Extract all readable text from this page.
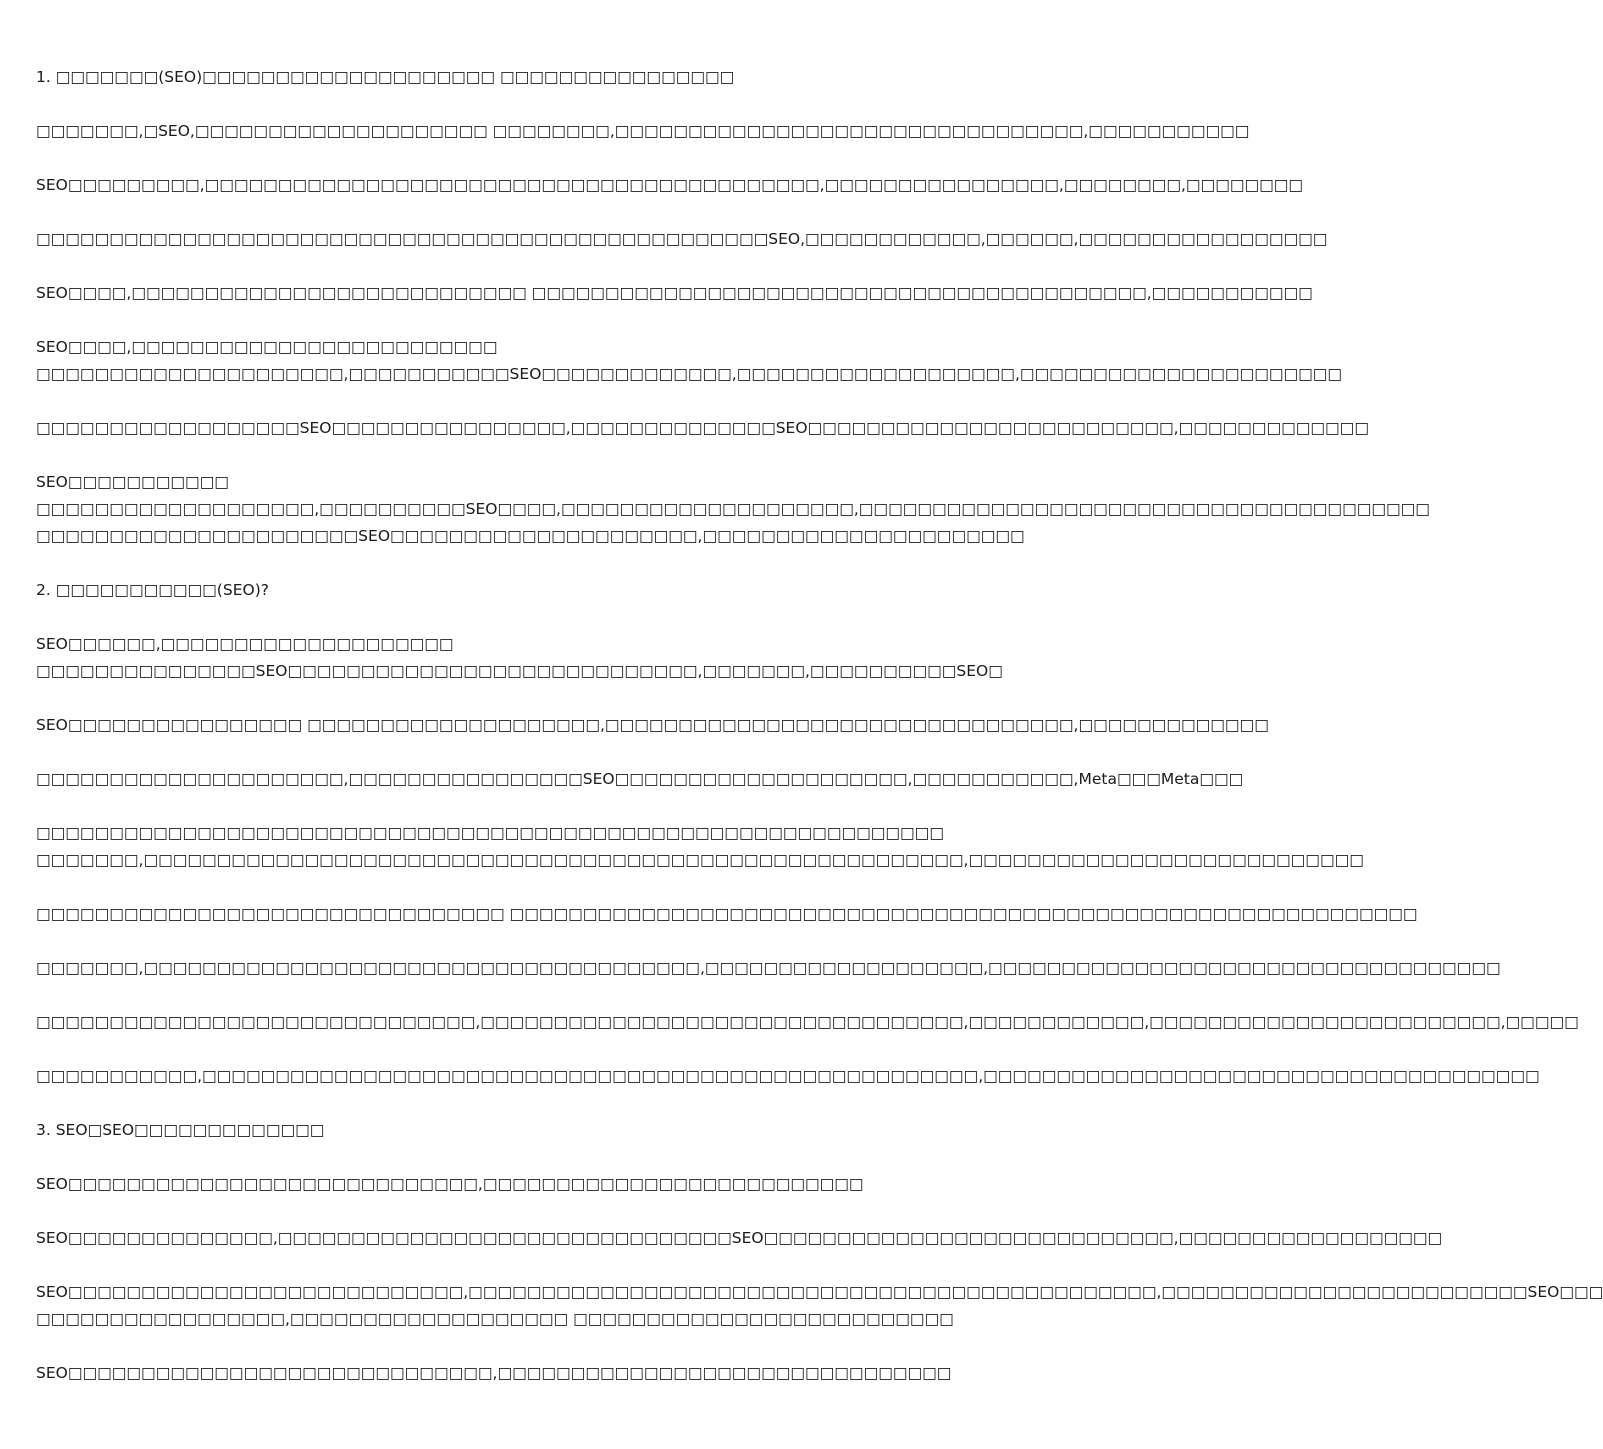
1. □□□□□□□(SEO)□□□□□□□□□□□□□□□□□□□□ □□□□□□□□□□□□□□□□

□□□□□□□,□SEO,□□□□□□□□□□□□□□□□□□□□ □□□□□□□□,□□□□□□□□□□□□□□□□□□□□□□□□□□□□□□□□,□□□□□□□□□□□

SEO□□□□□□□□□,□□□□□□□□□□□□□□□□□□□□□□□□□□□□□□□□□□□□□□□□□□,□□□□□□□□□□□□□□□□,□□□□□□□□,□□□□□□□□

□□□□□□□□□□□□□□□□□□□□□□□□□□□□□□□□□□□□□□□□□□□□□□□□□□SEO,□□□□□□□□□□□□,□□□□□□,□□□□□□□□□□□□□□□□□

SEO□□□□,□□□□□□□□□□□□□□□□□□□□□□□□□□□ □□□□□□□□□□□□□□□□□□□□□□□□□□□□□□□□□□□□□□□□□□,□□□□□□□□□□□

SEO□□□□,□□□□□□□□□□□□□□□□□□□□□□□□□

□□□□□□□□□□□□□□□□□□□□□,□□□□□□□□□□□SEO□□□□□□□□□□□□□,□□□□□□□□□□□□□□□□□□□,□□□□□□□□□□□□□□□□□□□□□□

□□□□□□□□□□□□□□□□□□SEO□□□□□□□□□□□□□□□□,□□□□□□□□□□□□□□SEO□□□□□□□□□□□□□□□□□□□□□□□□□,□□□□□□□□□□□□□

SEO□□□□□□□□□□□

□□□□□□□□□□□□□□□□□□□,□□□□□□□□□□SEO□□□□,□□□□□□□□□□□□□□□□□□□□,□□□□□□□□□□□□□□□□□□□□□□□□□□□□□□□□□□□□□□□

□□□□□□□□□□□□□□□□□□□□□□SEO□□□□□□□□□□□□□□□□□□□□□,□□□□□□□□□□□□□□□□□□□□□□

2. □□□□□□□□□□□(SEO)?

SEO□□□□□□,□□□□□□□□□□□□□□□□□□□□

□□□□□□□□□□□□□□□SEO□□□□□□□□□□□□□□□□□□□□□□□□□□□□,□□□□□□□,□□□□□□□□□□SEO□

SEO□□□□□□□□□□□□□□□□ □□□□□□□□□□□□□□□□□□□□,□□□□□□□□□□□□□□□□□□□□□□□□□□□□□□□□,□□□□□□□□□□□□□

□□□□□□□□□□□□□□□□□□□□□,□□□□□□□□□□□□□□□□SEO□□□□□□□□□□□□□□□□□□□□,□□□□□□□□□□□,Meta□□□Meta□□□

□□□□□□□□□□□□□□□□□□□□□□□□□□□□□□□□□□□□□□□□□□□□□□□□□□□□□□□□□□□□□□

□□□□□□□,□□□□□□□□□□□□□□□□□□□□□□□□□□□□□□□□□□□□□□□□□□□□□□□□□□□□□□□□,□□□□□□□□□□□□□□□□□□□□□□□□□□□

□□□□□□□□□□□□□□□□□□□□□□□□□□□□□□□□ □□□□□□□□□□□□□□□□□□□□□□□□□□□□□□□□□□□□□□□□□□□□□□□□□□□□□□□□□□□□□□

□□□□□□□,□□□□□□□□□□□□□□□□□□□□□□□□□□□□□□□□□□□□□□,□□□□□□□□□□□□□□□□□□□,□□□□□□□□□□□□□□□□□□□□□□□□□□□□□□□□□□□

□□□□□□□□□□□□□□□□□□□□□□□□□□□□□□,□□□□□□□□□□□□□□□□□□□□□□□□□□□□□□□□□,□□□□□□□□□□□□,□□□□□□□□□□□□□□□□□□□□□□□□,□□□□□

□□□□□□□□□□□,□□□□□□□□□□□□□□□□□□□□□□□□□□□□□□□□□□□□□□□□□□□□□□□□□□□□□,□□□□□□□□□□□□□□□□□□□□□□□□□□□□□□□□□□□□□□

3. SEO□SEO□□□□□□□□□□□□□

SEO□□□□□□□□□□□□□□□□□□□□□□□□□□□□,□□□□□□□□□□□□□□□□□□□□□□□□□□

SEO□□□□□□□□□□□□□□,□□□□□□□□□□□□□□□□□□□□□□□□□□□□□□□SEO□□□□□□□□□□□□□□□□□□□□□□□□□□□□,□□□□□□□□□□□□□□□□□□

SEO□□□□□□□□□□□□□□□□□□□□□□□□□□□,□□□□□□□□□□□□□□□□□□□□□□□□□□□□□□□□□□□□□□□□□□□□□□□,□□□□□□□□□□□□□□□□□□□□□□□□□SEO□□□

□□□□□□□□□□□□□□□□□,□□□□□□□□□□□□□□□□□□□ □□□□□□□□□□□□□□□□□□□□□□□□□□

SEO□□□□□□□□□□□□□□□□□□□□□□□□□□□□□,□□□□□□□□□□□□□□□□□□□□□□□□□□□□□□□
